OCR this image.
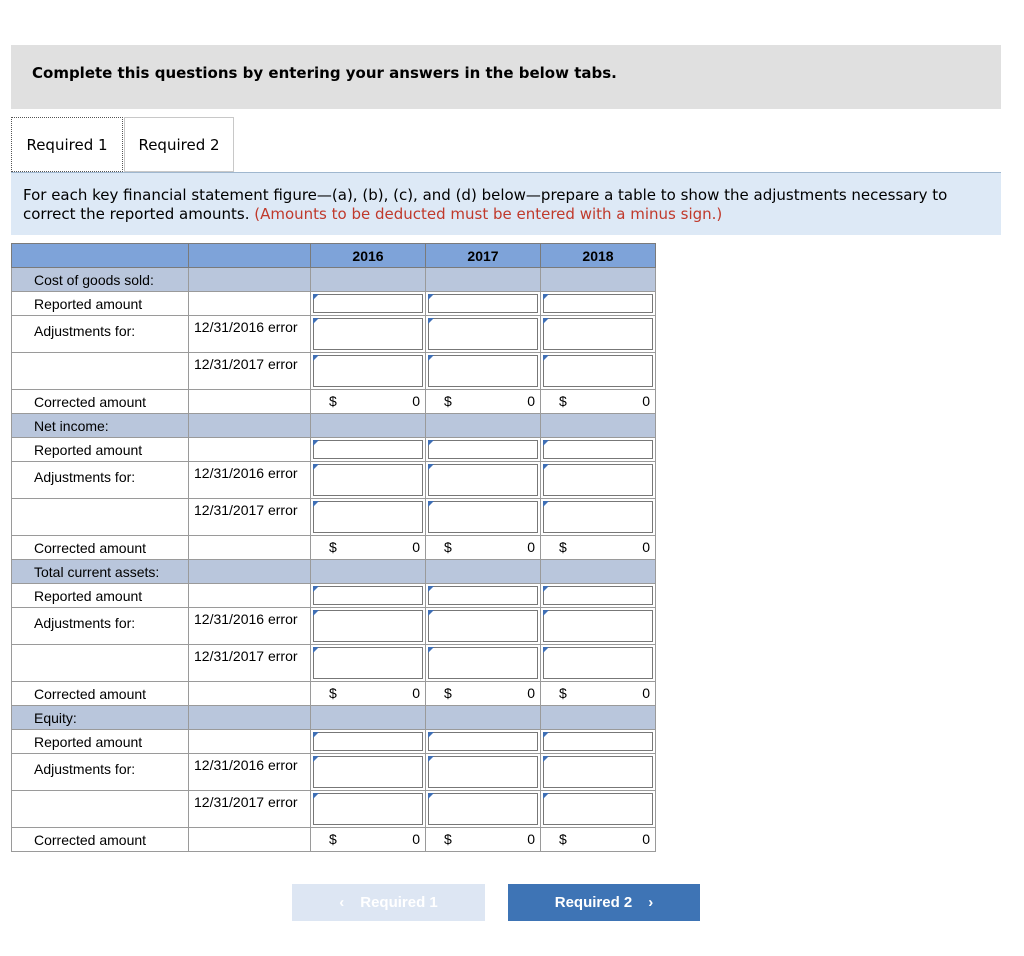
Complete this questions by entering your answers in the below tabs.
Required 1	Required 2
For each key financial statement figure—(a), (b), (c), and (d) below—prepare a table to show the adjustments necessary to correct the reported amounts. (Amounts to be deducted must be entered with a minus sign.)
		2016	2017	2018
Cost of goods sold:				
Reported amount		

Adjustments for:	12/31/2016 error	

	12/31/2017 error	

Corrected amount		$ 0	$ 0	$ 0

Net income:				
Reported amount		

Adjustments for:	12/31/2016 error	

	12/31/2017 error	

Corrected amount		$ 0	$ 0	$ 0

Total current assets:				
Reported amount		

Adjustments for:	12/31/2016 error	

	12/31/2017 error	

Corrected amount		$ 0	$ 0	$ 0

Equity:				
Reported amount		

Adjustments for:	12/31/2016 error	

	12/31/2017 error	

Corrected amount		$ 0	$ 0	$ 0
‹ Required 1	Required 2 ›
